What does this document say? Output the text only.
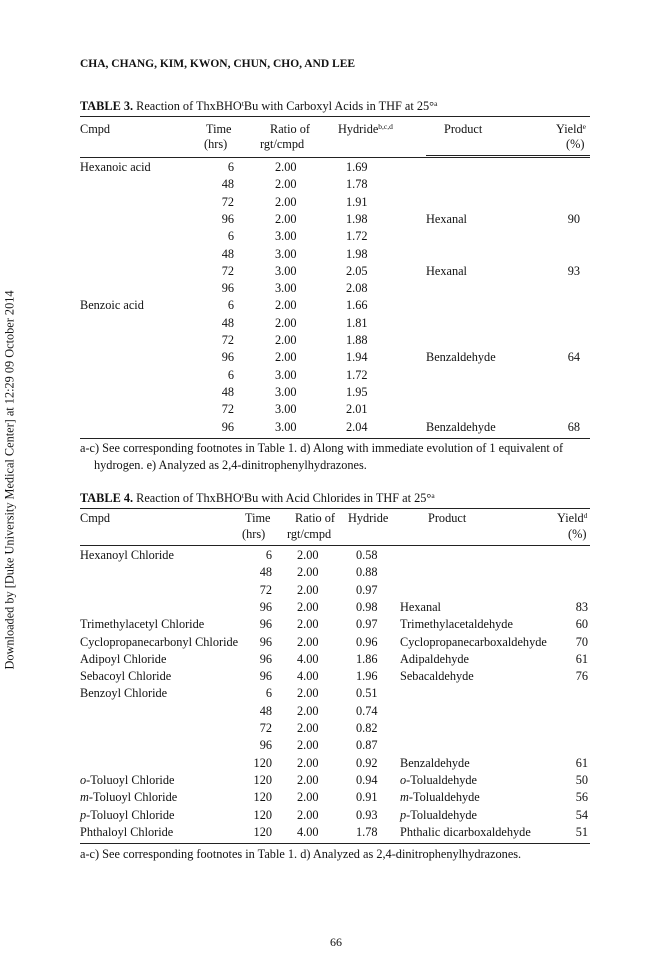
Downloaded by [Duke University Medical Center] at 12:29 09 October 2014
CHA, CHANG, KIM, KWON, CHUN, CHO, AND LEE
TABLE 3. Reaction of ThxBHO$^t$Bu with Carboxyl Acids in THF at 25°$^a$
Cmpd	Time	Ratio of Hydride$^{b,c,d}$	Product	Yield$^e$
(hrs)	rgt/cmpd	(%)
Hexanoic acid	6	2.00	1.69
48	2.00	1.78
72	2.00	1.91
96	2.00	1.98	Hexanal	90
6	3.00	1.72
48	3.00	1.98
72	3.00	2.05	Hexanal	93
96	3.00	2.08
Benzoic acid	6	2.00	1.66
48	2.00	1.81
72	2.00	1.88
96	2.00	1.94	Benzaldehyde	64
6	3.00	1.72
48	3.00	1.95
72	3.00	2.01
96	3.00	2.04	Benzaldehyde	68
a-c) See corresponding footnotes in Table 1. d) Along with immediate evolution of 1 equivalent of
hydrogen. e) Analyzed as 2,4-dinitrophenylhydrazones.
TABLE 4. Reaction of ThxBHO$^t$Bu with Acid Chlorides in THF at 25°$^a$
Cmpd	Time Ratio of Hydride	Product	Yield$^d$
(hrs) rgt/cmpd	(%)
Hexanoyl Chloride	6 2.00	0.58
48 2.00	0.88
72 2.00	0.97
96 2.00	0.98 Hexanal	83
Trimethylacetyl Chloride	96 2.00	0.97 Trimethylacetaldehyde	60
Cyclopropanecarbonyl Chloride	96 2.00	0.96 Cyclopropanecarboxaldehyde	70
Adipoyl Chloride	96 4.00	1.86 Adipaldehyde	61
Sebacoyl Chloride	96 4.00	1.96 Sebacaldehyde	76
Benzoyl Chloride	6 2.00	0.51
48 2.00	0.74
72 2.00	0.82
96 2.00	0.87
120 2.00	0.92 Benzaldehyde	61
o-Toluoyl Chloride	120 2.00	0.94 o-Tolualdehyde	50
m-Toluoyl Chloride	120 2.00	0.91 m-Tolualdehyde	56
p-Toluoyl Chloride	120 2.00	0.93 p-Tolualdehyde	54
Phthaloyl Chloride	120 4.00	1.78 Phthalic dicarboxaldehyde	51
a-c) See corresponding footnotes in Table 1. d) Analyzed as 2,4-dinitrophenylhydrazones.
66
